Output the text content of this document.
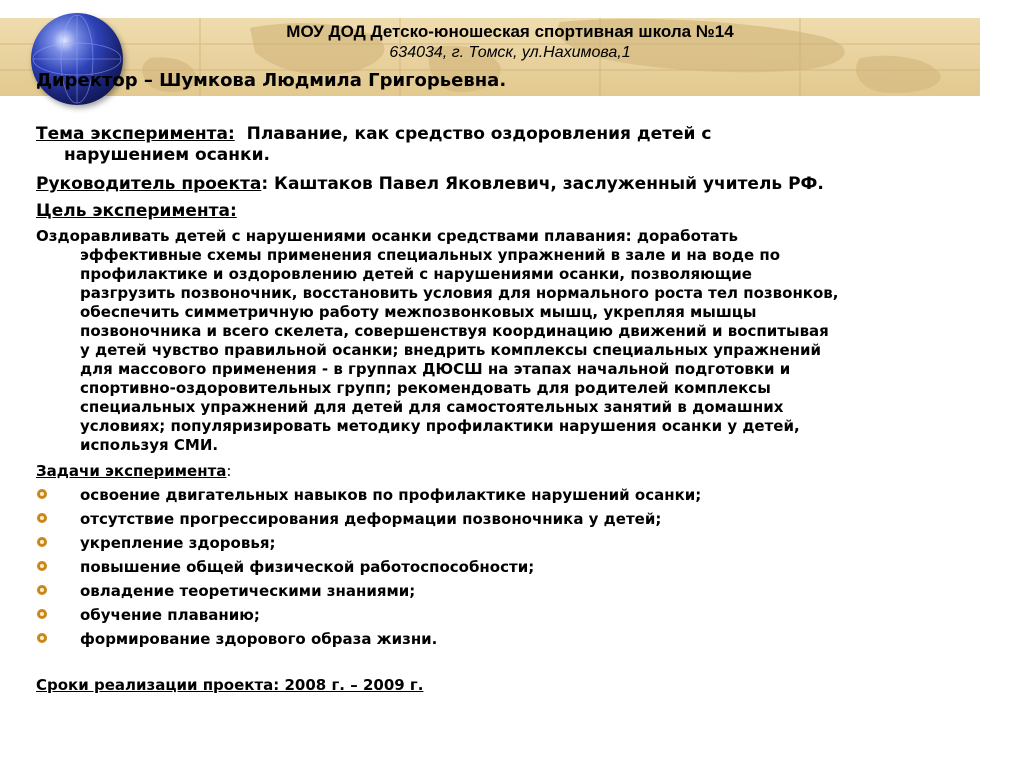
МОУ ДОД Детско-юношеская спортивная школа №14
634034, г. Томск, ул.Нахимова,1
Директор – Шумкова Людмила Григорьевна.
Тема эксперимента: Плавание, как средство оздоровления детей с
нарушением осанки.
Руководитель проекта: Каштаков Павел Яковлевич, заслуженный учитель РФ.
Цель эксперимента:
Оздоравливать детей с нарушениями осанки средствами плавания: доработать
эффективные схемы применения специальных упражнений в зале и на воде по
профилактике и оздоровлению детей с нарушениями осанки, позволяющие
разгрузить позвоночник, восстановить условия для нормального роста тел позвонков,
обеспечить симметричную работу межпозвонковых мышц, укрепляя мышцы
позвоночника и всего скелета, совершенствуя координацию движений и воспитывая
у детей чувство правильной осанки; внедрить комплексы специальных упражнений
для массового применения - в группах ДЮСШ на этапах начальной подготовки и
спортивно-оздоровительных групп; рекомендовать для родителей комплексы
специальных упражнений для детей для самостоятельных занятий в домашних
условиях; популяризировать методику профилактики нарушения осанки у детей,
используя СМИ.
Задачи эксперимента:
освоение двигательных навыков по профилактике нарушений осанки;
отсутствие прогрессирования деформации позвоночника у детей;
укрепление здоровья;
повышение общей физической работоспособности;
овладение теоретическими знаниями;
обучение плаванию;
формирование здорового образа жизни.
Сроки реализации проекта: 2008 г. – 2009 г.
